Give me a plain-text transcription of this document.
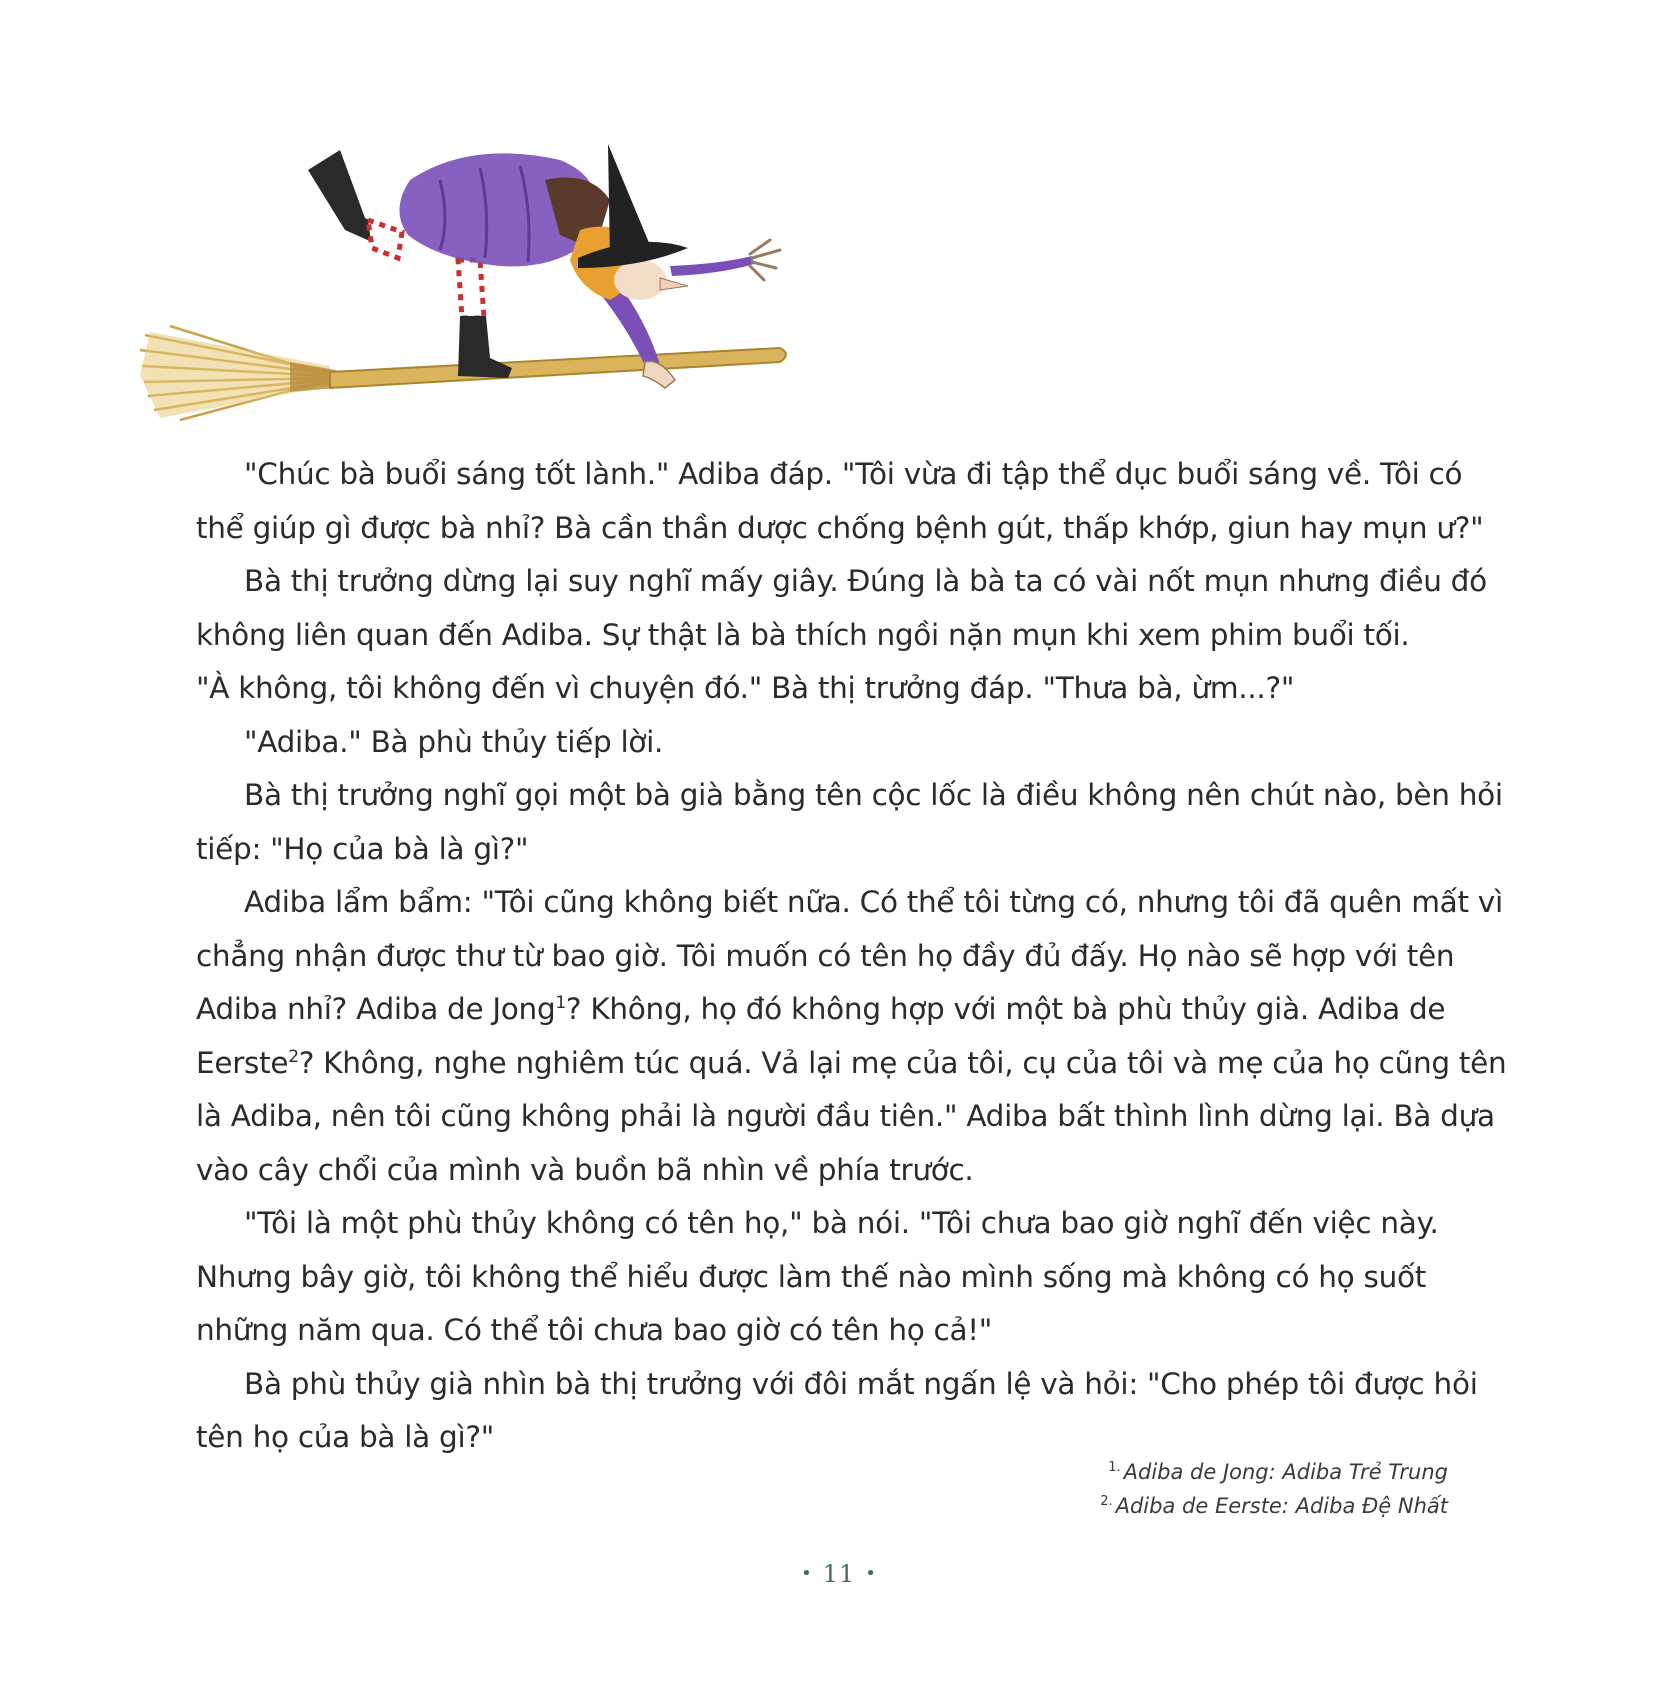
"Chúc bà buổi sáng tốt lành." Adiba đáp. "Tôi vừa đi tập thể dục buổi sáng về. Tôi có thể giúp gì được bà nhỉ? Bà cần thần dược chống bệnh gút, thấp khớp, giun hay mụn ư?"

Bà thị trưởng dừng lại suy nghĩ mấy giây. Đúng là bà ta có vài nốt mụn nhưng điều đó không liên quan đến Adiba. Sự thật là bà thích ngồi nặn mụn khi xem phim buổi tối.

"À không, tôi không đến vì chuyện đó." Bà thị trưởng đáp. "Thưa bà, ừm...?"

"Adiba." Bà phù thủy tiếp lời.

Bà thị trưởng nghĩ gọi một bà già bằng tên cộc lốc là điều không nên chút nào, bèn hỏi tiếp: "Họ của bà là gì?"

Adiba lẩm bẩm: "Tôi cũng không biết nữa. Có thể tôi từng có, nhưng tôi đã quên mất vì chẳng nhận được thư từ bao giờ. Tôi muốn có tên họ đầy đủ đấy. Họ nào sẽ hợp với tên Adiba nhỉ? Adiba de Jong$^1$? Không, họ đó không hợp với một bà phù thủy già. Adiba de Eerste$^2$? Không, nghe nghiêm túc quá. Vả lại mẹ của tôi, cụ của tôi và mẹ của họ cũng tên là Adiba, nên tôi cũng không phải là người đầu tiên." Adiba bất thình lình dừng lại. Bà dựa vào cây chổi của mình và buồn bã nhìn về phía trước.

"Tôi là một phù thủy không có tên họ," bà nói. "Tôi chưa bao giờ nghĩ đến việc này. Nhưng bây giờ, tôi không thể hiểu được làm thế nào mình sống mà không có họ suốt những năm qua. Có thể tôi chưa bao giờ có tên họ cả!"

Bà phù thủy già nhìn bà thị trưởng với đôi mắt ngấn lệ và hỏi: "Cho phép tôi được hỏi tên họ của bà là gì?"

$^{1.}$ Adiba de Jong: Adiba Trẻ Trung
$^{2.}$ Adiba de Eerste: Adiba Đệ Nhất
• 11 •
